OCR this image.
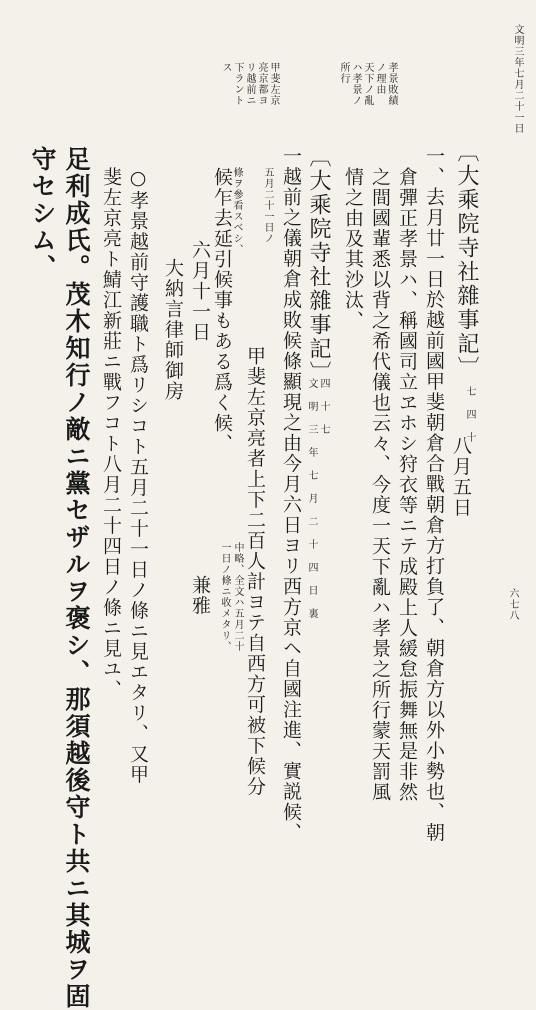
文明三年七月二十一日
六七八
孝景敗績
ノ理由
天下ノ亂
ハ孝景ノ
所行
甲斐左京
亮京都ヨ
リ越前ニ
下ラント
ス
〔大乘院寺社雜事記〕
七 四 十
八月五日
一、去月廿一日於越前國甲斐朝倉合戰朝倉方打負了、朝倉方以外小勢也、朝
倉彈正孝景ハ、稱國司立ヱホシ狩衣等ニテ成殿上人緩怠振舞無是非然
之間國輩悉以背之希代儀也云々、今度一天下亂ハ孝景之所行蒙天罰風
情之由及其沙汰、
〔大乘院寺社雜事記〕
四 十 七
文 明 三 年 七 月 二 十 四 日 裏
一越前之儀朝倉成敗候條顯現之由今月六日ヨリ西方京ヘ自國注進、實説候、
五月二十一日ノ
甲斐左京亮者上下二百人計ヨテ自西方可被下候分
條ヲ參看スベシ、
候乍去延引候事もある爲く候、
中略、全文ハ五月二十
一日ノ條ニ收メタリ、
六月十一日
兼雅
大納言律師御房
○孝景越前守護職ト爲リシコト五月二十一日ノ條ニ見エタリ、又甲
斐左京亮ト鯖江新莊ニ戰フコト八月二十四日ノ條ニ見ユ、
足利成氏。茂木知行ノ敵ニ黨セザルヲ褒シ、那須越後守ト共ニ其城ヲ固
守セシム、
